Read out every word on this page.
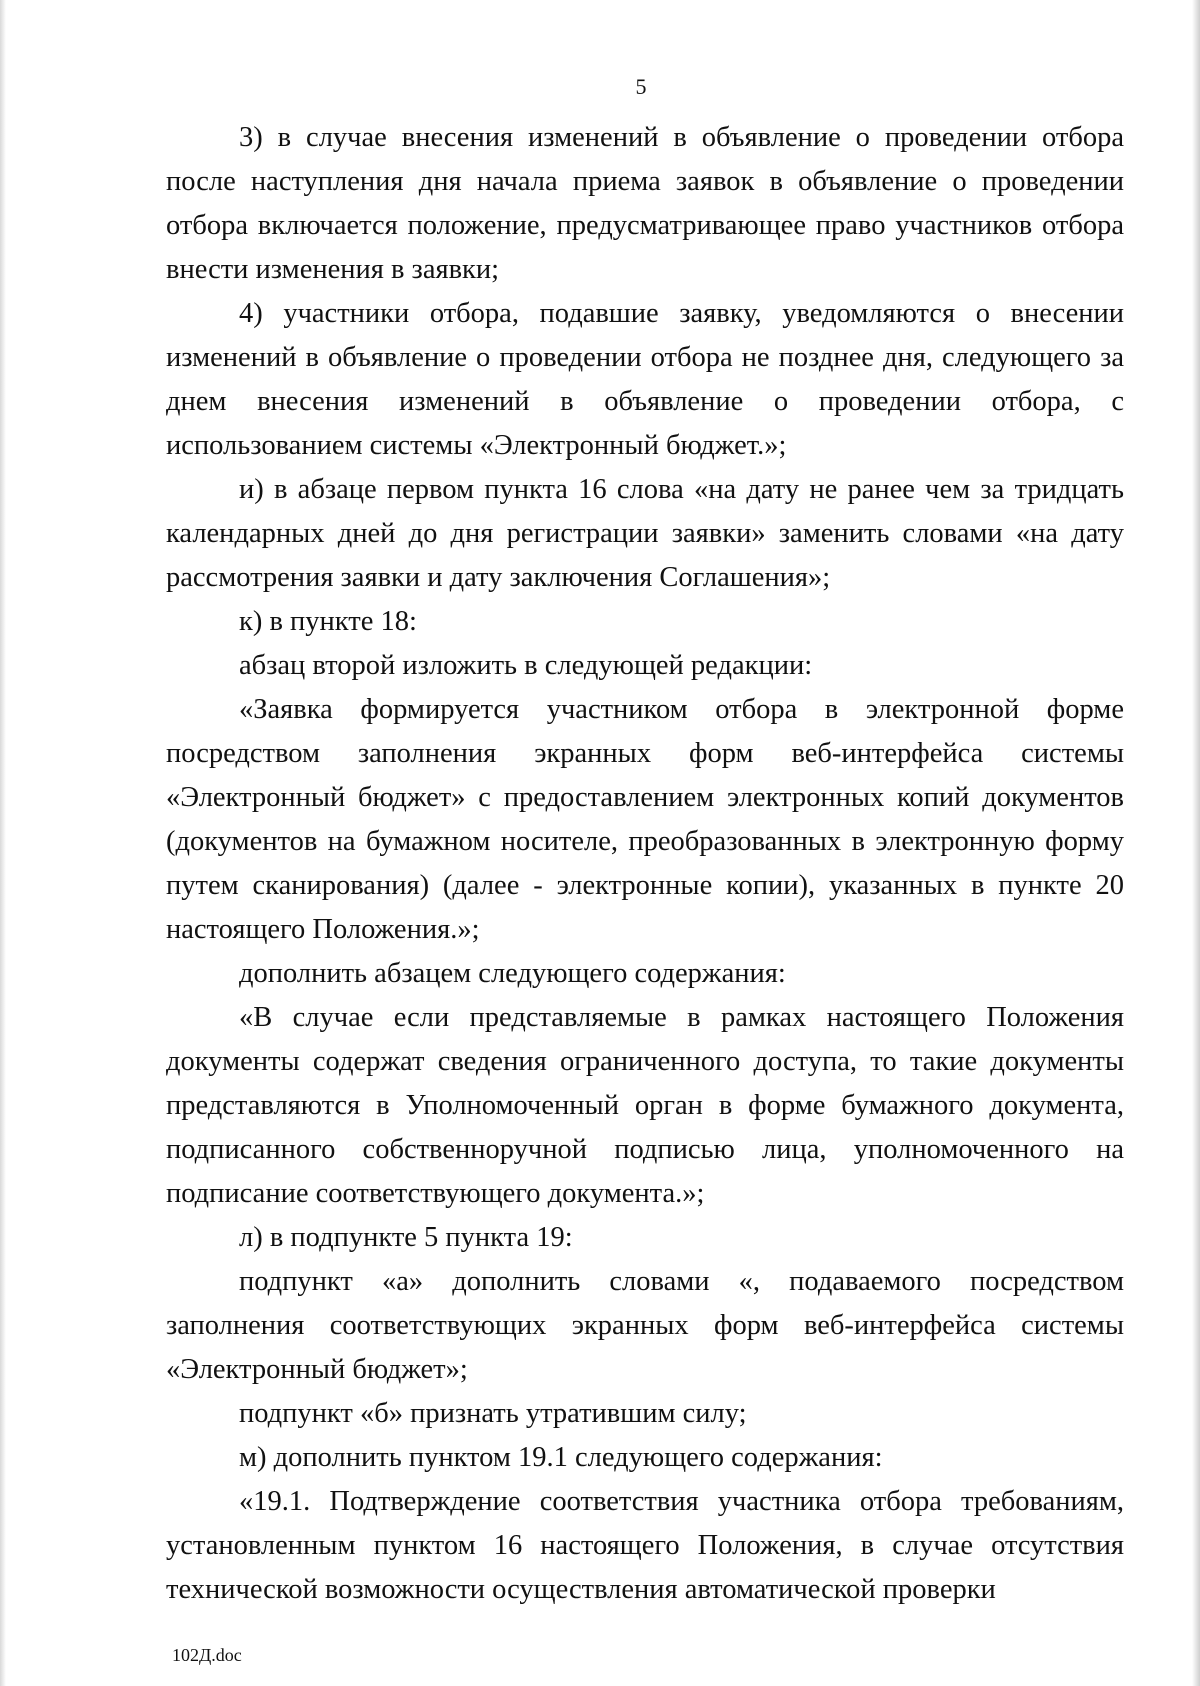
5

3) в случае внесения изменений в объявление о проведении отбора после наступления дня начала приема заявок в объявление о проведении отбора включается положение, предусматривающее право участников отбора внести изменения в заявки;

4) участники отбора, подавшие заявку, уведомляются о внесении изменений в объявление о проведении отбора не позднее дня, следующего за днем внесения изменений в объявление о проведении отбора, с использованием системы «Электронный бюджет.»;

и) в абзаце первом пункта 16 слова «на дату не ранее чем за тридцать календарных дней до дня регистрации заявки» заменить словами «на дату рассмотрения заявки и дату заключения Соглашения»;

к) в пункте 18:

абзац второй изложить в следующей редакции:

«Заявка формируется участником отбора в электронной форме посредством заполнения экранных форм веб-интерфейса системы «Электронный бюджет» с предоставлением электронных копий документов (документов на бумажном носителе, преобразованных в электронную форму путем сканирования) (далее - электронные копии), указанных в пункте 20 настоящего Положения.»;

дополнить абзацем следующего содержания:

«В случае если представляемые в рамках настоящего Положения документы содержат сведения ограниченного доступа, то такие документы представляются в Уполномоченный орган в форме бумажного документа, подписанного собственноручной подписью лица, уполномоченного на подписание соответствующего документа.»;

л) в подпункте 5 пункта 19:

подпункт «а» дополнить словами «, подаваемого посредством заполнения соответствующих экранных форм веб-интерфейса системы «Электронный бюджет»;

подпункт «б» признать утратившим силу;

м) дополнить пунктом 19.1 следующего содержания:

«19.1. Подтверждение соответствия участника отбора требованиям, установленным пунктом 16 настоящего Положения, в случае отсутствия технической возможности осуществления автоматической проверки

102Д.doc
